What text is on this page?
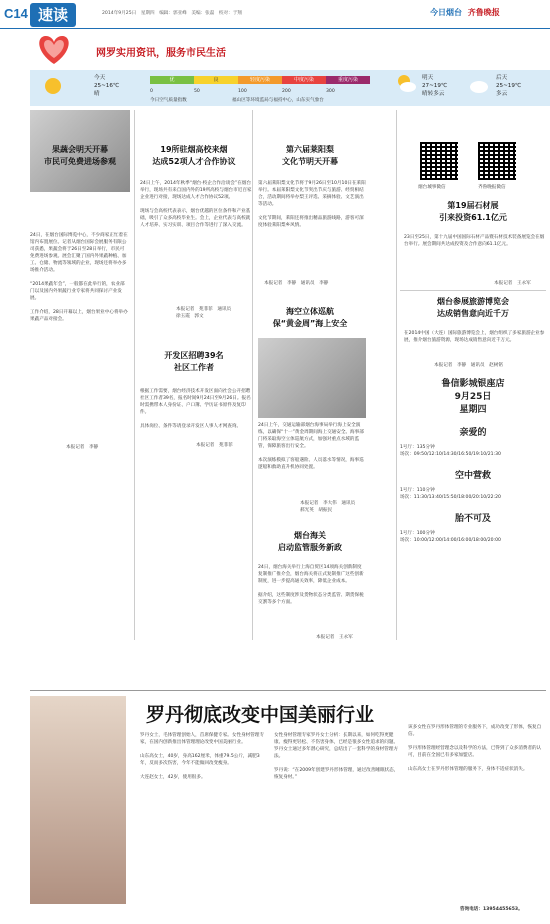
C14 速读	2014年9月25日　星期四　编辑：郭亚峰　美编：张磊　校对：于翔	今日烟台 齐鲁晚报
网罗实用资讯，服务市民生活
今天
25~16℃
晴
优	良	轻度污染	中度污染	重度污染
0	50	100	200	300
今日空气质量指数	福山区等环境监局与福持中心，山东实气象台
明天
27~19℃
晴转多云
后天
25~19℃
多云
果蔬会明天开幕
市民可免费进场参观
24日，在烟台国际博览中心，不少商家正忙着在馆内布置展位。记者从烟台国际会展服务有限公司获悉，果蔬会将于26日至28日举行，市民可免费进场参观。展会汇聚了国内外果蔬种植、加工、仓储、物流等领域的企业，现场还将举办多场推介活动。

“2014果蔬年会”，一般都在此举行的，农业部门以及国内外果蔬行业专家将共同探讨产业发展。

工作介绍，28日开幕以上，烟台果业中心将举办果蔬产品对接会。
本报记者　李静
19所驻烟高校来烟
达成52项人才合作协议
24日上午，2014年秋季“烟台·校企合作洽谈会”在烟台举行，现场共有来自国内外的19所高校与烟台市近百家企业进行对接，现场达成人才合作协议52项。

现场与会高校代表表示，烟台优越的区位条件和产业基础，吸引了众多高校毕业生。会上，企业代表与高校就人才培养、实习实训、项目合作等进行了深入交流。
本报记者　苑菲菲　通讯员
徐玉霞　郭文
开发区招聘39名
社区工作者
根据工作需要，烟台经济技术开发区面向社会公开招聘社区工作者39名，报名时间9月24日至9月26日。报名时需携带本人身份证、户口簿、学历证书原件及复印件。

具体岗位、条件等请登录开发区人事人才网查询。
本报记者　苑菲菲
第六届莱阳梨
文化节明天开幕
第六届莱阳梨文化节将于9月26日至10月10日在莱阳举行。本届莱阳梨文化节突出节庆与旅游、经贸相结合，活动期间将举办梨王评选、采摘体验、文艺演出等活动。

文化节期间，莱阳还将推出精品旅游线路，游客可深度体验莱阳梨乡风情。
本报记者　李静　通讯员　李静
海空立体巡航
保“黄金周”海上安全
24日上午，交通运输部烟台海事局举行海上安全演练，以确保“十一”黄金周期间海上交通安全。海事部门将采取海空立体巡航方式，加强对重点水域的监管，保障旅客出行安全。

本次演练模拟了客船遇险、人员落水等情况，海事巡逻船和救助直升机协同处置。
本报记者　李大伟　通讯员
郝光英　胡振民
烟台海关
启动监管服务新政
24日，烟台海关举行上海自贸区14项海关创新制度复制推广推介会，烟台海关将正式复制推广这些创新制度，进一步提高通关效率，降低企业成本。

据介绍，这些制度涉及货物状态分类监管、期货保税交割等多个方面。
本报记者　王永军
烟台城事微信	齐鲁晚报微信
第19届石材展
引来投资61.1亿元
23日至25日，第十九届中国国际石材产品暨石材技术装备展览会在烟台举行。展会期间共达成投资及合作意向61.1亿元。
本报记者　王永军
烟台参展旅游博览会
达成销售意向近千万
在2014中国（大连）国际旅游博览会上，烟台组织了多家旅游企业参展，推介烟台旅游资源，现场达成销售意向近千万元。
本报记者　李静　通讯员　赵树铭
鲁信影城银座店
9月25日
星期四
亲爱的
1号厅：135分钟
场次：09:50/12:10/14:30/16:50/19:10/21:30
空中营救
1号厅：110分钟
场次：11:30/13:40/15:50/18:00/20:10/22:20
胎不可及
1号厅：100分钟
场次：10:00/12:00/14:00/16:00/18:00/20:00
罗丹彻底改变中国美丽行业
罗丹女士，毛体管理创始人，首席保健专家。女性身材管理专家，在国内创新推出体管理理论改变中国美丽行业。

山东高女士，40岁，身高162厘米，体重79.5公斤，减肥3年，反而多次伤害，今年不能做回改变瘦身。

大连赵女士，42岁，使用很多。
女性身材管理专家罗丹女士分析：长期以来，如何吃得更健康、瘦得更轻松、不伤害身体，已经是很多女性追求的问题。罗丹女士通过多年潜心研究，总结出了一套科学的身材管理方法。

罗丹说：“在2009年创建罗丹形体管理，通过改善睡眠状态，恢复身材。”
该多女性在罗丹形体管理的专业服务下，成功改变了形体，恢复自信。

罗丹形体管理经营理念以及科学的方法，已得到了众多消费者的认可，目前在全国已有多家加盟店。

山东高女士在罗丹形体管理的服务下，身体不适症状消失。
咨询电话：13954455653。
